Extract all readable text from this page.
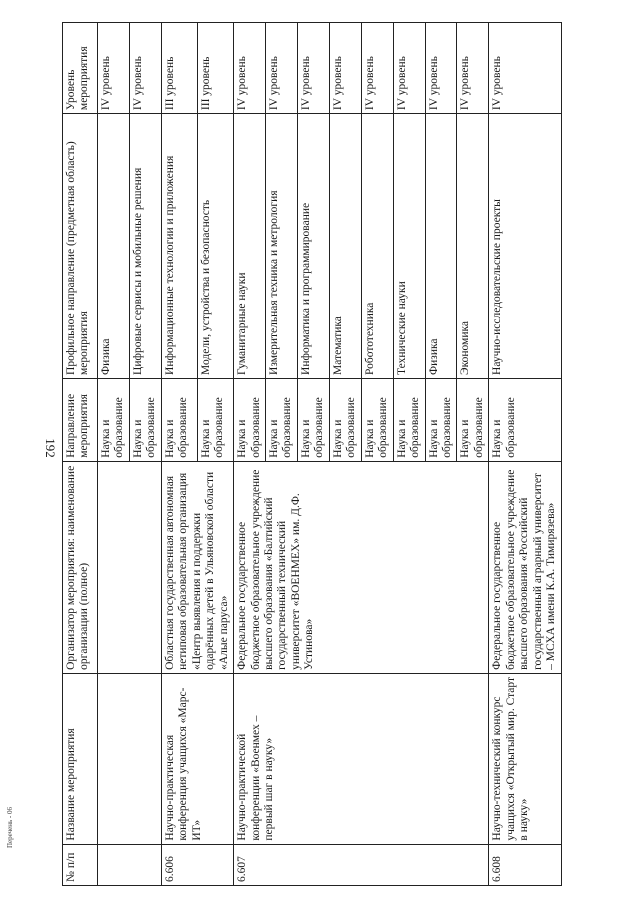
192
Перечень - 06
№ п/п	Название мероприятия	Организатор мероприятия: наименование организации (полное)	Направление мероприятия	Профильное направление (предметная область) мероприятия	Уровень мероприятия
			Наука и образование	Физика	IV уровень
			Наука и образование	Цифровые сервисы и мобильные решения	IV уровень
6.606	Научно-практическая конференция учащихся «Марс-ИТ»	Областная государственная автономная нетиповая образовательная организация «Центр выявления и поддержки одарённых детей в Ульяновской области «Алые паруса»	Наука и образование	Информационные технологии и приложения	III уровень
			Наука и образование	Модели, устройства и безопасность	III уровень
6.607	Научно-практической конференции «Военмех – первый шаг в науку»	Федеральное государственное бюджетное образовательное учреждение высшего образования «Балтийский государственный технический университет «ВОЕНМЕХ» им. Д.Ф. Устинова»	Наука и образование	Гуманитарные науки	IV уровень
			Наука и образование	Измерительная техника и метрология	IV уровень
			Наука и образование	Информатика и программирование	IV уровень
			Наука и образование	Математика	IV уровень
			Наука и образование	Робототехника	IV уровень
			Наука и образование	Технические науки	IV уровень
			Наука и образование	Физика	IV уровень
			Наука и образование	Экономика	IV уровень
6.608	Научно-технический конкурс учащихся «Открытый мир. Старт в науку»	Федеральное государственное бюджетное образовательное учреждение высшего образования «Российский государственный аграрный университет – МСХА имени К.А. Тимирязева»	Наука и образование	Научно-исследовательские проекты	IV уровень
